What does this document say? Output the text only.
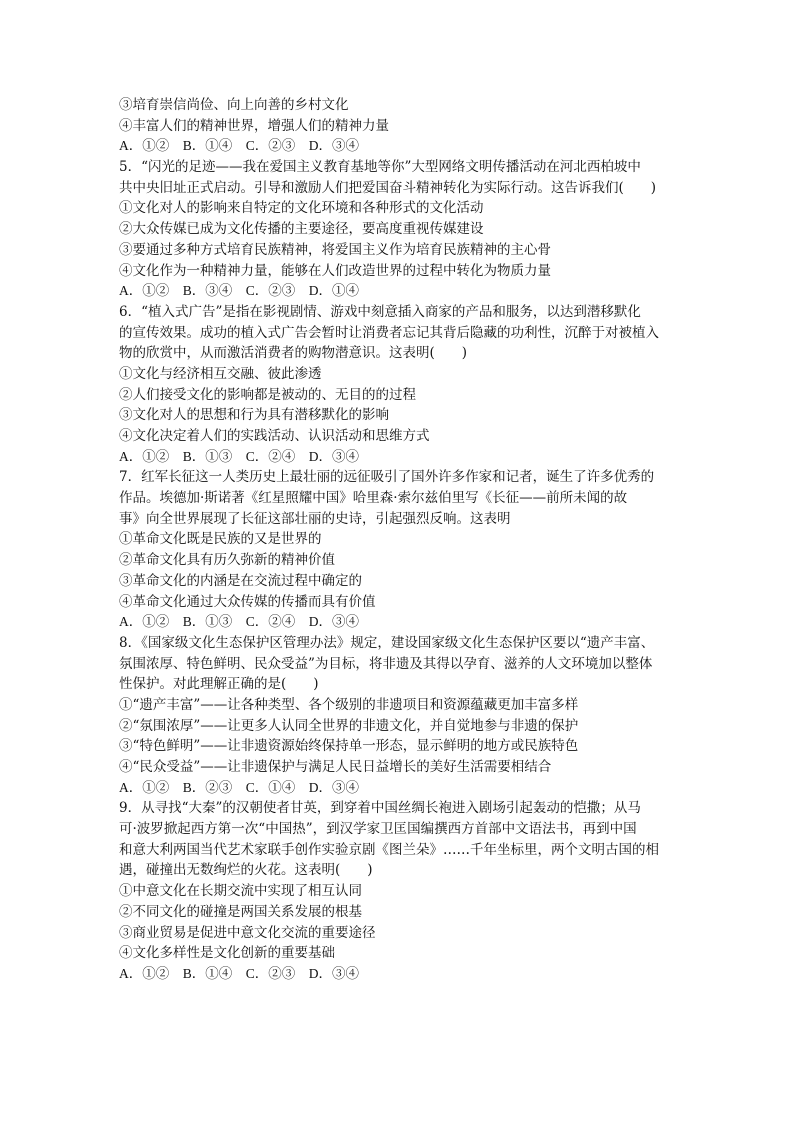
③培育崇信尚俭、向上向善的乡村文化
④丰富人们的精神世界，增强人们的精神力量
A．①②　B．①④　C．②③　D．③④
5．“闪光的足迹——我在爱国主义教育基地等你”大型网络文明传播活动在河北西柏坡中
共中央旧址正式启动。引导和激励人们把爱国奋斗精神转化为实际行动。这告诉我们(　　)
①文化对人的影响来自特定的文化环境和各种形式的文化活动
②大众传媒已成为文化传播的主要途径，要高度重视传媒建设
③要通过多种方式培育民族精神，将爱国主义作为培育民族精神的主心骨
④文化作为一种精神力量，能够在人们改造世界的过程中转化为物质力量
A．①②　B．③④　C．②③　D．①④
6．“植入式广告”是指在影视剧情、游戏中刻意插入商家的产品和服务，以达到潜移默化
的宣传效果。成功的植入式广告会暂时让消费者忘记其背后隐藏的功利性，沉醉于对被植入
物的欣赏中，从而激活消费者的购物潜意识。这表明(　　)
①文化与经济相互交融、彼此渗透
②人们接受文化的影响都是被动的、无目的的过程
③文化对人的思想和行为具有潜移默化的影响
④文化决定着人们的实践活动、认识活动和思维方式
A．①②　B．①③　C．②④　D．③④
7．红军长征这一人类历史上最壮丽的远征吸引了国外许多作家和记者，诞生了许多优秀的
作品。埃德加·斯诺著《红星照耀中国》哈里森·索尔兹伯里写《长征——前所未闻的故
事》向全世界展现了长征这部壮丽的史诗，引起强烈反响。这表明
①革命文化既是民族的又是世界的
②革命文化具有历久弥新的精神价值
③革命文化的内涵是在交流过程中确定的
④革命文化通过大众传媒的传播而具有价值
A．①②　B．①③　C．②④　D．③④
8．《国家级文化生态保护区管理办法》规定，建设国家级文化生态保护区要以“遗产丰富、
氛围浓厚、特色鲜明、民众受益”为目标，将非遗及其得以孕育、滋养的人文环境加以整体
性保护。对此理解正确的是(　　)
①“遗产丰富”——让各种类型、各个级别的非遗项目和资源蕴藏更加丰富多样
②“氛围浓厚”——让更多人认同全世界的非遗文化，并自觉地参与非遗的保护
③“特色鲜明”——让非遗资源始终保持单一形态，显示鲜明的地方或民族特色
④“民众受益”——让非遗保护与满足人民日益增长的美好生活需要相结合
A．①②　B．②③　C．①④　D．③④
9．从寻找“大秦”的汉朝使者甘英，到穿着中国丝绸长袍进入剧场引起轰动的恺撒；从马
可·波罗掀起西方第一次“中国热”，到汉学家卫匡国编撰西方首部中文语法书，再到中国
和意大利两国当代艺术家联手创作实验京剧《图兰朵》……千年坐标里，两个文明古国的相
遇，碰撞出无数绚烂的火花。这表明(　　)
①中意文化在长期交流中实现了相互认同
②不同文化的碰撞是两国关系发展的根基
③商业贸易是促进中意文化交流的重要途径
④文化多样性是文化创新的重要基础
A．①②　B．①④　C．②③　D．③④
